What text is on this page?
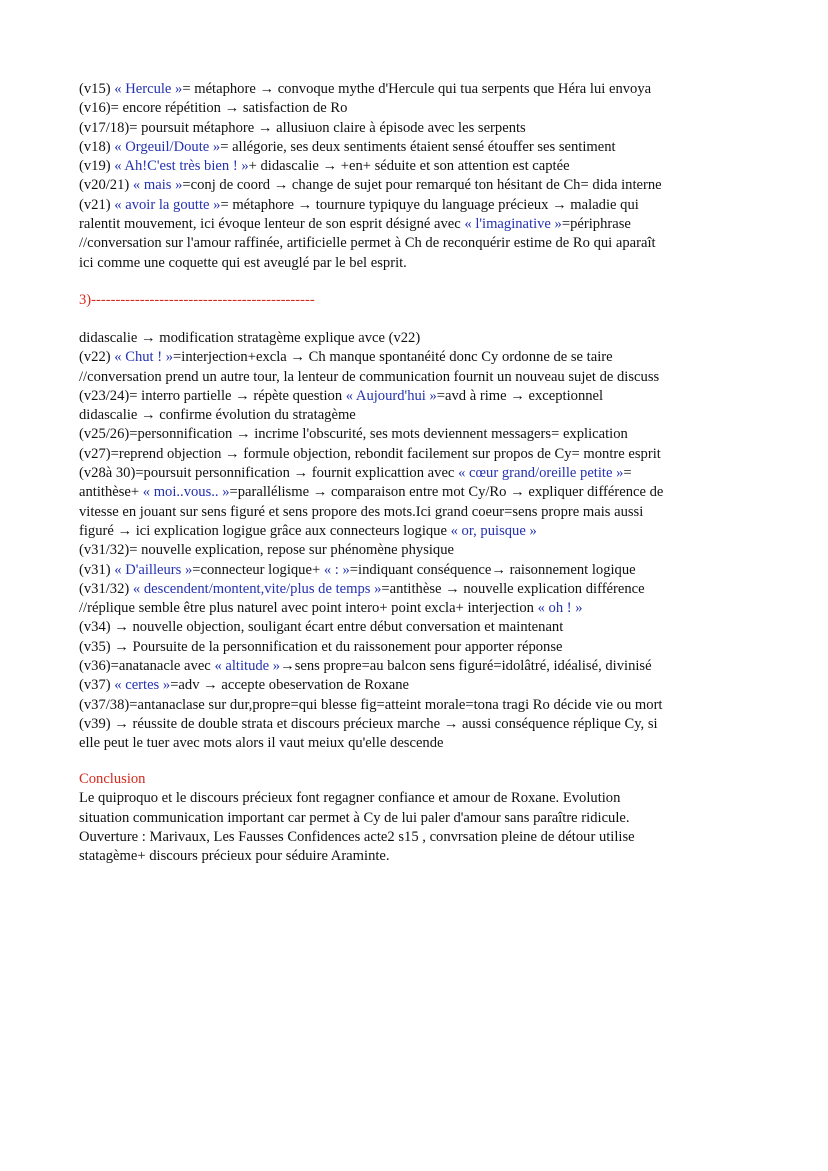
(v15) « Hercule »= métaphore → convoque mythe d'Hercule qui tua serpents que Héra lui envoya
(v16)= encore répétition → satisfaction de Ro
(v17/18)= poursuit métaphore → allusiuon claire à épisode avec les serpents
(v18) « Orgeuil/Doute »= allégorie, ses deux sentiments étaient sensé étouffer ses sentiment
(v19) « Ah!C'est très bien ! »+ didascalie → +en+ séduite et son attention est captée
(v20/21) « mais »=conj de coord → change de sujet pour remarqué ton hésitant de Ch= dida interne
(v21) « avoir la goutte »= métaphore → tournure typiquye du language précieux → maladie qui
ralentit mouvement, ici évoque lenteur de son esprit désigné avec « l'imaginative »=périphrase
//conversation sur l'amour raffinée, artificielle permet à Ch de reconquérir estime de Ro qui aparaît
ici comme une coquette qui est aveuglé par le bel esprit.
3)----------------------------------------------
didascalie → modification stratagème explique avce (v22)
(v22) « Chut ! »=interjection+excla → Ch manque spontanéité donc Cy ordonne de se taire
//conversation prend un autre tour, la lenteur de communication fournit un nouveau sujet de discuss
(v23/24)= interro partielle → répète question « Aujourd'hui »=avd à rime → exceptionnel
didascalie → confirme évolution du stratagème
(v25/26)=personnification → incrime l'obscurité, ses mots deviennent messagers= explication
(v27)=reprend objection → formule objection, rebondit facilement sur propos de Cy= montre esprit
(v28à 30)=poursuit personnification → fournit explicattion avec « cœur grand/oreille petite »=
antithèse+ « moi..vous.. »=parallélisme → comparaison entre mot Cy/Ro → expliquer différence de
vitesse en jouant sur sens figuré et sens propore des mots.Ici grand coeur=sens propre mais aussi
figuré → ici explication logigue grâce aux connecteurs logique « or, puisque »
(v31/32)= nouvelle explication, repose sur phénomène physique
(v31) « D'ailleurs »=connecteur logique+ « : »=indiquant conséquence→ raisonnement logique
(v31/32) « descendent/montent,vite/plus de temps »=antithèse → nouvelle explication différence
//réplique semble être plus naturel avec point intero+ point excla+ interjection « oh ! »
(v34) → nouvelle objection, souligant écart entre début conversation et maintenant
(v35) → Poursuite de la personnification et du raissonement pour apporter réponse
(v36)=anatanacle avec « altitude »→sens propre=au balcon sens figuré=idolâtré, idéalisé, divinisé
(v37) « certes »=adv → accepte obeservation de Roxane
(v37/38)=antanaclase sur dur,propre=qui blesse fig=atteint morale=tona tragi Ro décide vie ou mort
(v39) → réussite de double strata et discours précieux marche → aussi conséquence réplique Cy, si
elle peut le tuer avec mots alors il vaut meiux qu'elle descende
Conclusion
Le quiproquo et le discours précieux font regagner confiance et amour de Roxane. Evolution
situation communication important car permet à Cy de lui paler d'amour sans paraître ridicule.
Ouverture : Marivaux, Les Fausses Confidences acte2 s15 , convrsation pleine de détour utilise
statagème+ discours précieux pour séduire Araminte.
